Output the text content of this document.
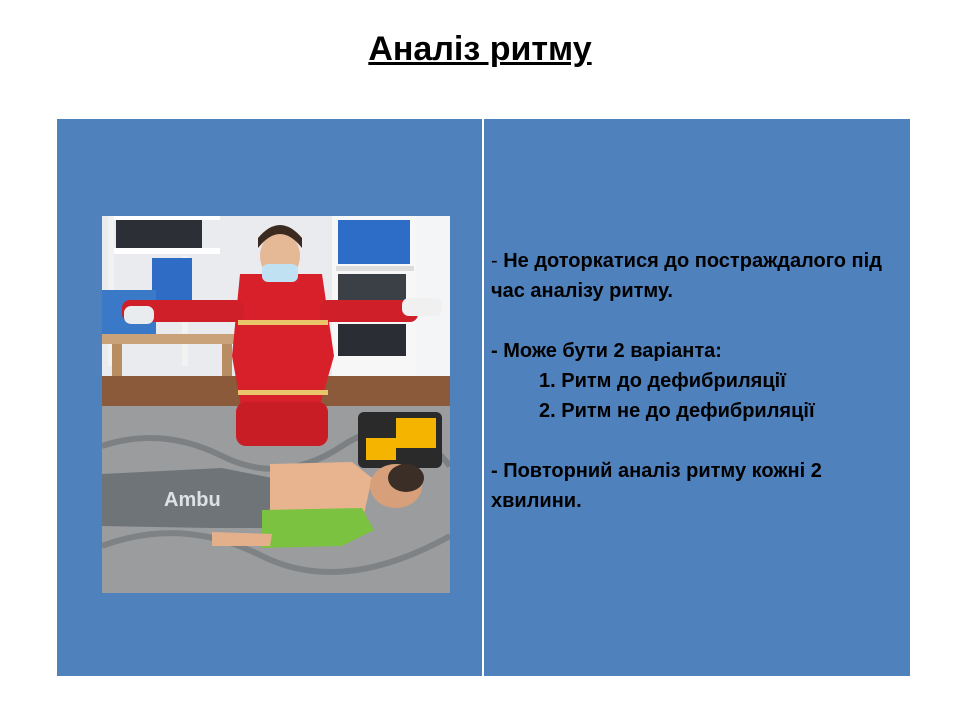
Аналіз ритму
Ambu

- Не доторкатися до постраждалого під час аналізу ритму.

- Може бути 2 варіанта:

1. Ритм до дефибриляції

2. Ритм не до дефибриляції

- Повторний аналіз ритму кожні 2 хвилини.
